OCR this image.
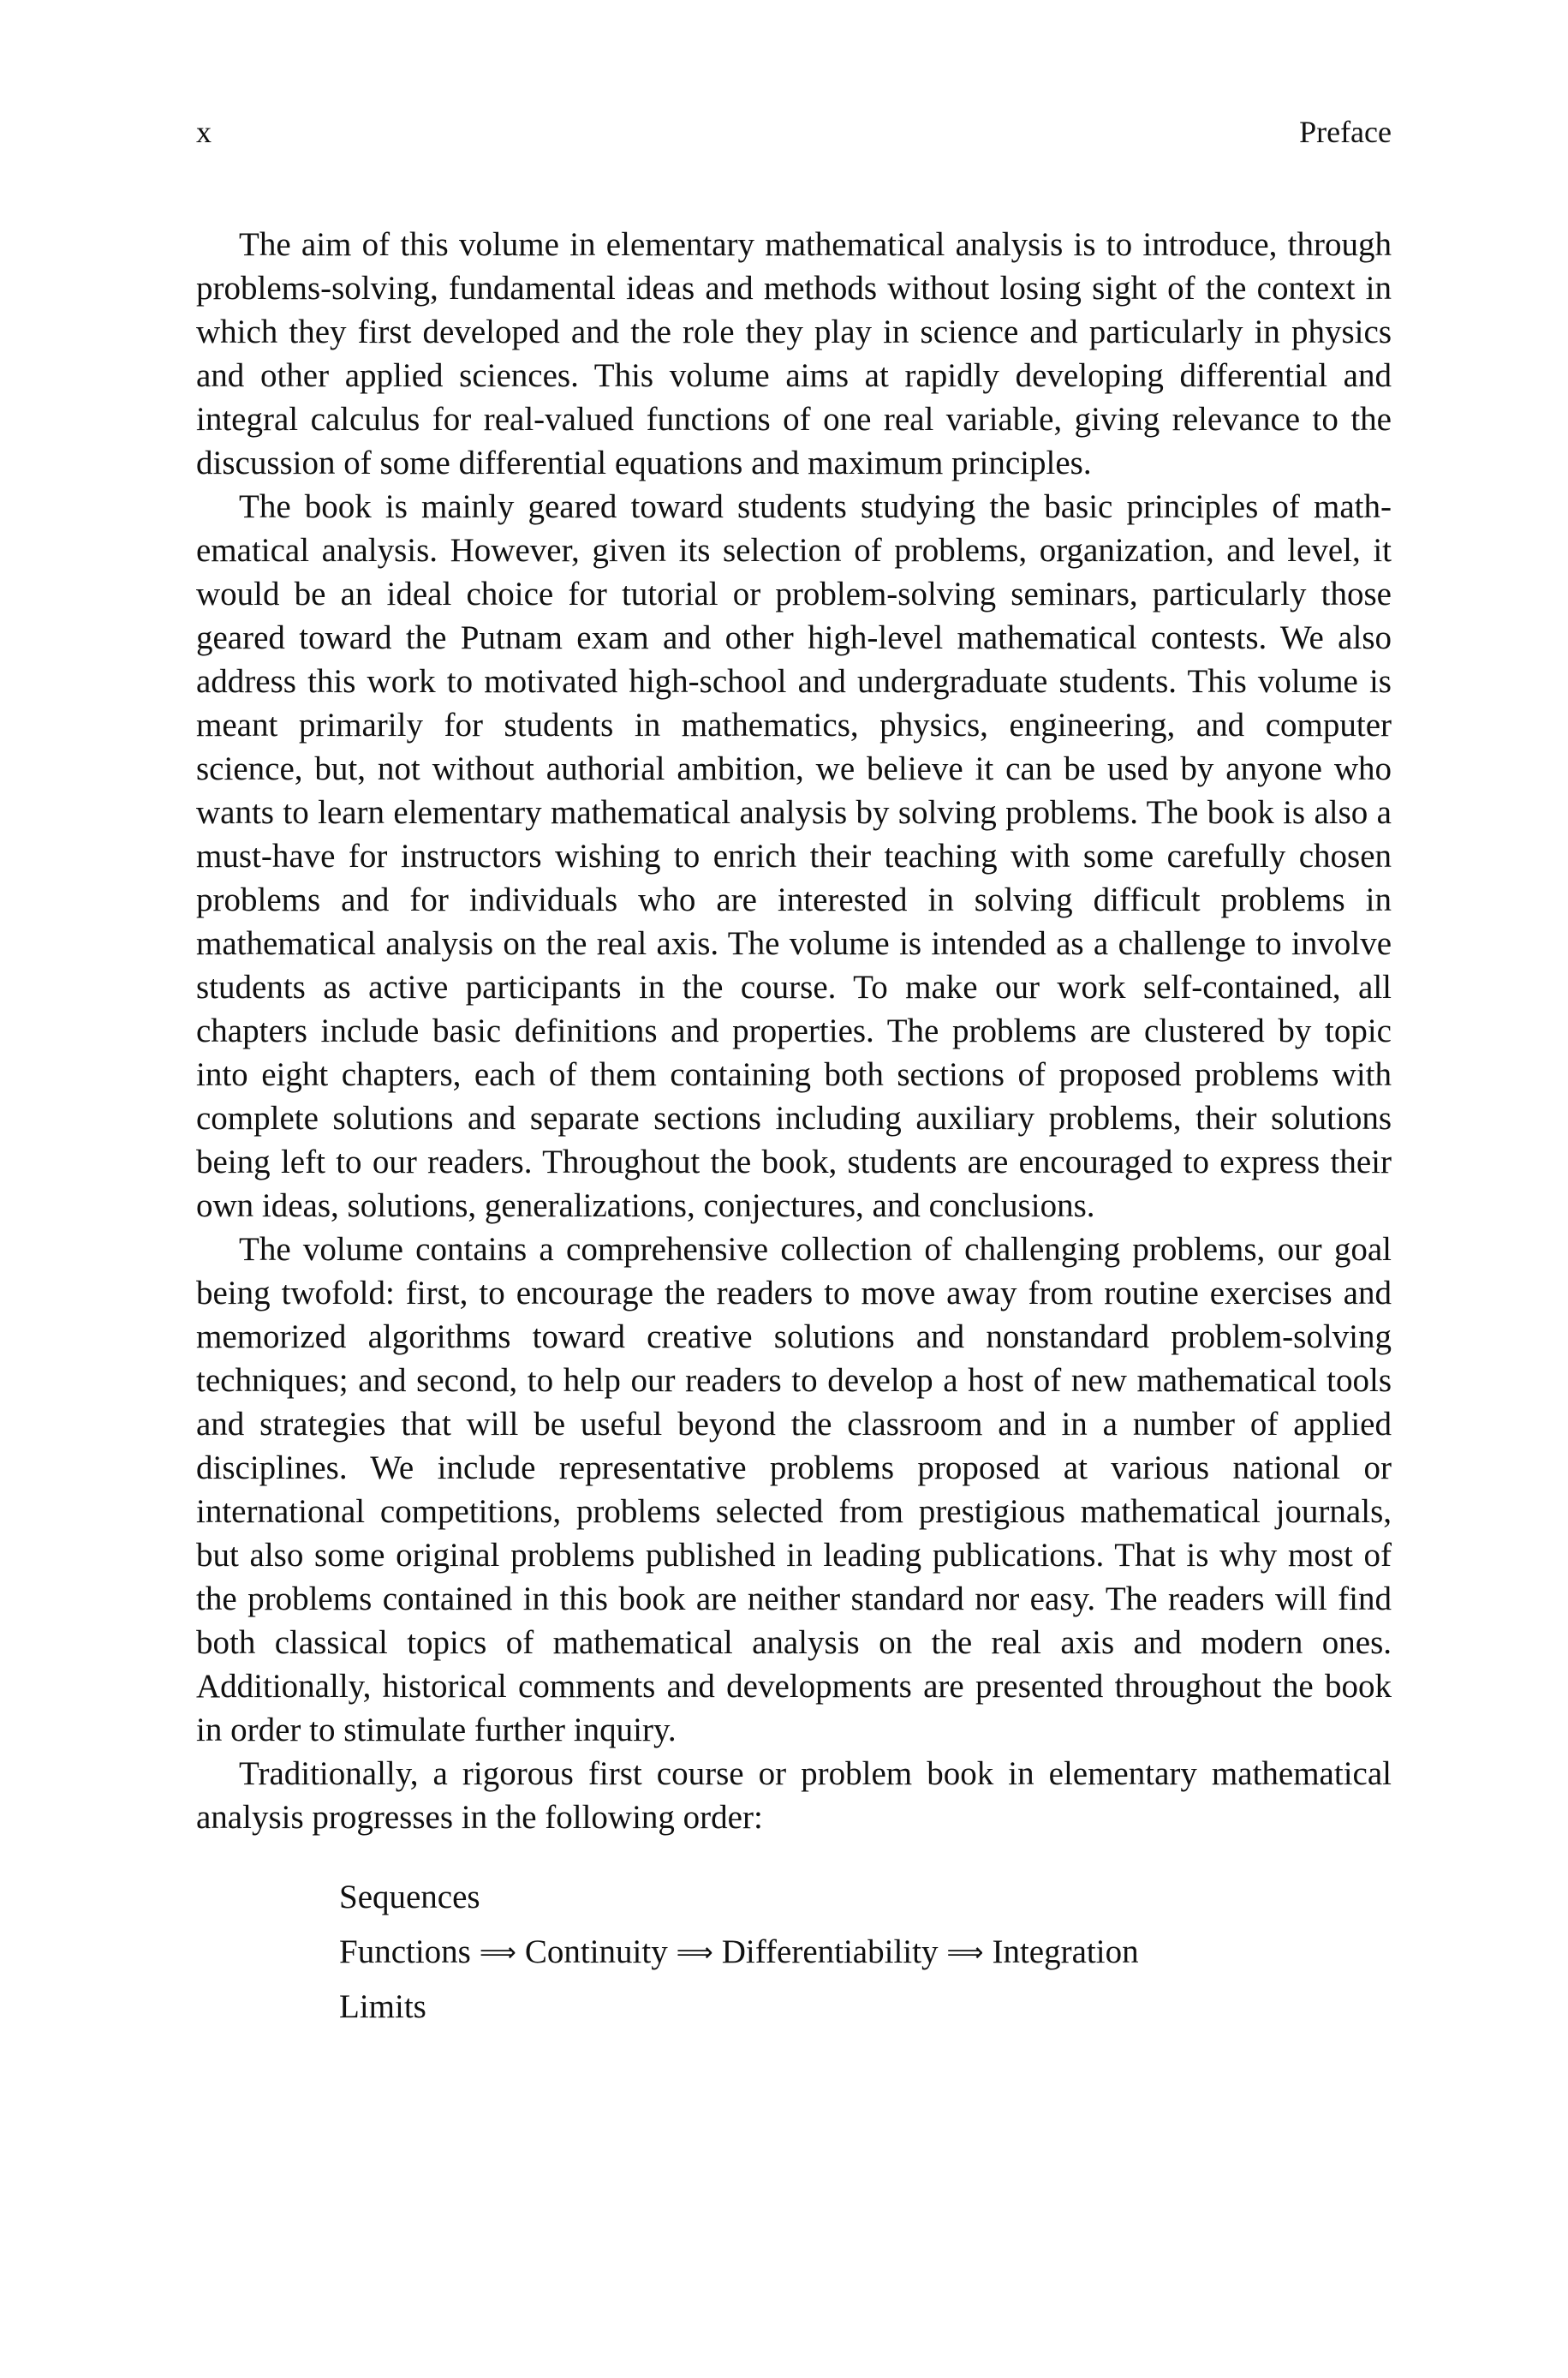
x	Preface

The aim of this volume in elementary mathematical analysis is to introduce, through problems-solving, fundamental ideas and methods without losing sight of the context in which they first developed and the role they play in science and particularly in physics and other applied sciences. This volume aims at rapidly developing differential and integral calculus for real-valued functions of one real variable, giving relevance to the discussion of some differential equations and maximum principles.

The book is mainly geared toward students studying the basic principles of mathematical analysis. However, given its selection of problems, organization, and level, it would be an ideal choice for tutorial or problem-solving seminars, particularly those geared toward the Putnam exam and other high-level mathematical contests. We also address this work to motivated high-school and undergraduate students. This volume is meant primarily for students in mathematics, physics, engineering, and computer science, but, not without authorial ambition, we believe it can be used by anyone who wants to learn elementary mathematical analysis by solving problems. The book is also a must-have for instructors wishing to enrich their teaching with some carefully chosen problems and for individuals who are interested in solving difficult problems in mathematical analysis on the real axis. The volume is intended as a challenge to involve students as active participants in the course. To make our work self-contained, all chapters include basic definitions and properties. The problems are clustered by topic into eight chapters, each of them containing both sections of proposed problems with complete solutions and separate sections including auxiliary problems, their solutions being left to our readers. Throughout the book, students are encouraged to express their own ideas, solutions, generalizations, conjectures, and conclusions.

The volume contains a comprehensive collection of challenging problems, our goal being twofold: first, to encourage the readers to move away from routine exercises and memorized algorithms toward creative solutions and nonstandard problem-solving techniques; and second, to help our readers to develop a host of new mathematical tools and strategies that will be useful beyond the classroom and in a number of applied disciplines. We include representative problems proposed at various national or international competitions, problems selected from prestigious mathematical journals, but also some original problems published in leading publications. That is why most of the problems contained in this book are neither standard nor easy. The readers will find both classical topics of mathematical analysis on the real axis and modern ones. Additionally, historical comments and developments are presented throughout the book in order to stimulate further inquiry.

Traditionally, a rigorous first course or problem book in elementary mathematical analysis progresses in the following order:

Sequences
Functions ⟹ Continuity ⟹ Differentiability ⟹ Integration
Limits
